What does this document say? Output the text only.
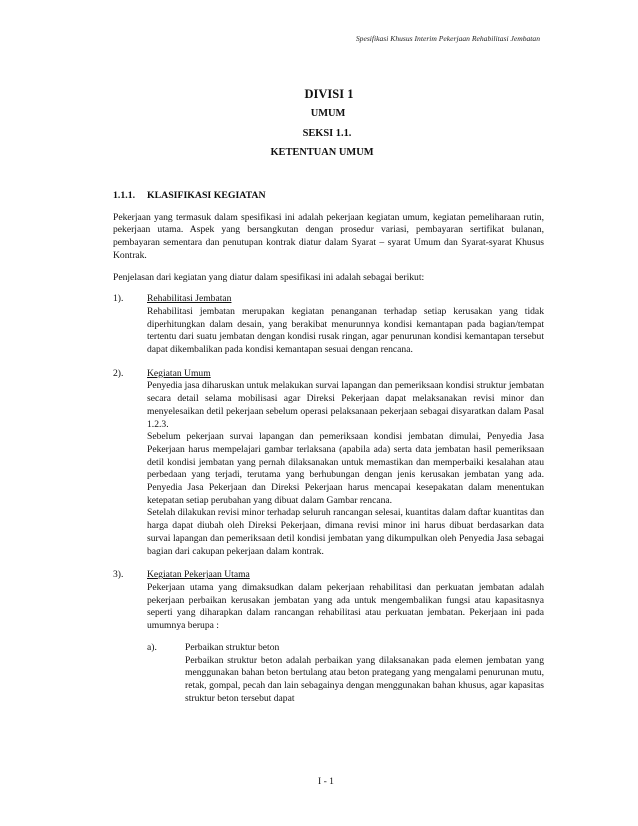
Spesifikasi Khusus Interim Pekerjaan Rehabilitasi Jembatan
DIVISI 1
UMUM
SEKSI 1.1.
KETENTUAN UMUM
1.1.1.	KLASIFIKASI KEGIATAN

Pekerjaan yang termasuk dalam spesifikasi ini adalah pekerjaan kegiatan umum, kegiatan pemeliharaan rutin, pekerjaan utama. Aspek yang bersangkutan dengan prosedur variasi, pembayaran sertifikat bulanan, pembayaran sementara dan penutupan kontrak diatur dalam Syarat – syarat Umum dan Syarat-syarat Khusus Kontrak.

Penjelasan dari kegiatan yang diatur dalam spesifikasi ini adalah sebagai berikut:

1).	Rehabilitasi Jembatan

Rehabilitasi jembatan merupakan kegiatan penanganan terhadap setiap kerusakan yang tidak diperhitungkan dalam desain, yang berakibat menurunnya kondisi kemantapan pada bagian/tempat tertentu dari suatu jembatan dengan kondisi rusak ringan, agar penurunan kondisi kemantapan tersebut dapat dikembalikan pada kondisi kemantapan sesuai dengan rencana.

2).	Kegiatan Umum

Penyedia jasa diharuskan untuk melakukan survai lapangan dan pemeriksaan kondisi struktur jembatan secara detail selama mobilisasi agar Direksi Pekerjaan dapat melaksanakan revisi minor dan menyelesaikan detil pekerjaan sebelum operasi pelaksanaan pekerjaan sebagai disyaratkan dalam Pasal 1.2.3.

Sebelum pekerjaan survai lapangan dan pemeriksaan kondisi jembatan dimulai, Penyedia Jasa Pekerjaan harus mempelajari gambar terlaksana (apabila ada) serta data jembatan hasil pemeriksaan detil kondisi jembatan yang pernah dilaksanakan untuk memastikan dan memperbaiki kesalahan atau perbedaan yang terjadi, terutama yang berhubungan dengan jenis kerusakan jembatan yang ada. Penyedia Jasa Pekerjaan dan Direksi Pekerjaan harus mencapai kesepakatan dalam menentukan ketepatan setiap perubahan yang dibuat dalam Gambar rencana.

Setelah dilakukan revisi minor terhadap seluruh rancangan selesai, kuantitas dalam daftar kuantitas dan harga dapat diubah oleh Direksi Pekerjaan, dimana revisi minor ini harus dibuat berdasarkan data survai lapangan dan pemeriksaan detil kondisi jembatan yang dikumpulkan oleh Penyedia Jasa sebagai bagian dari cakupan pekerjaan dalam kontrak.

3).	Kegiatan Pekerjaan Utama

Pekerjaan utama yang dimaksudkan dalam pekerjaan rehabilitasi dan perkuatan jembatan adalah pekerjaan perbaikan kerusakan jembatan yang ada untuk mengembalikan fungsi atau kapasitasnya seperti yang diharapkan dalam rancangan rehabilitasi atau perkuatan jembatan. Pekerjaan ini pada umumnya berupa :

a).	Perbaikan struktur beton

Perbaikan struktur beton adalah perbaikan yang dilaksanakan pada elemen jembatan yang menggunakan bahan beton bertulang atau beton prategang yang mengalami penurunan mutu, retak, gompal, pecah dan lain sebagainya dengan menggunakan bahan khusus, agar kapasitas struktur beton tersebut dapat

I - 1
